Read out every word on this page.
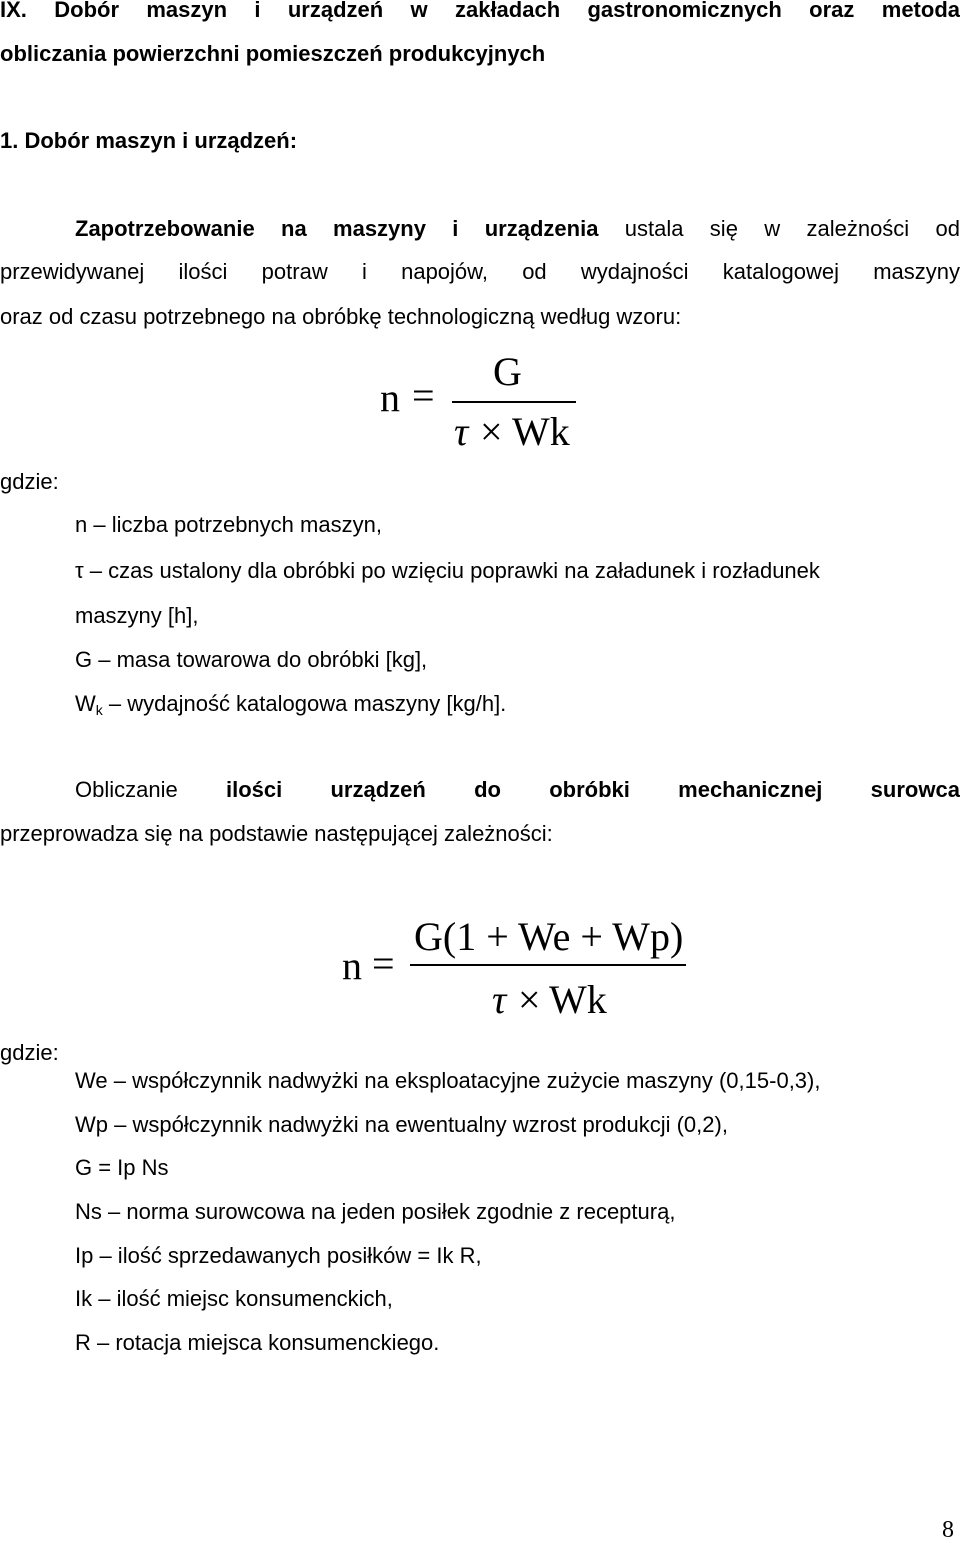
IX. Dobór maszyn i urządzeń w zakładach gastronomicznych oraz metoda
obliczania powierzchni pomieszczeń produkcyjnych
1. Dobór maszyn i urządzeń:
Zapotrzebowanie na maszyny i urządzenia ustala się w zależności od
przewidywanej ilości potraw i napojów, od wydajności katalogowej maszyny
oraz od czasu potrzebnego na obróbkę technologiczną według wzoru:
n =
G
τ × Wk
gdzie:
n – liczba potrzebnych maszyn,
τ – czas ustalony dla obróbki po wzięciu poprawki na załadunek i rozładunek
maszyny [h],
G – masa towarowa do obróbki [kg],
$W_k$ – wydajność katalogowa maszyny [kg/h].
Obliczanie ilości urządzeń do obróbki mechanicznej surowca
przeprowadza się na podstawie następującej zależności:
n =
G(1 + We + Wp)
τ × Wk
gdzie:
We – współczynnik nadwyżki na eksploatacyjne zużycie maszyny (0,15-0,3),
Wp – współczynnik nadwyżki na ewentualny wzrost produkcji (0,2),
G = Ip Ns
Ns – norma surowcowa na jeden posiłek zgodnie z recepturą,
Ip – ilość sprzedawanych posiłków = Ik R,
Ik – ilość miejsc konsumenckich,
R – rotacja miejsca konsumenckiego.
8
